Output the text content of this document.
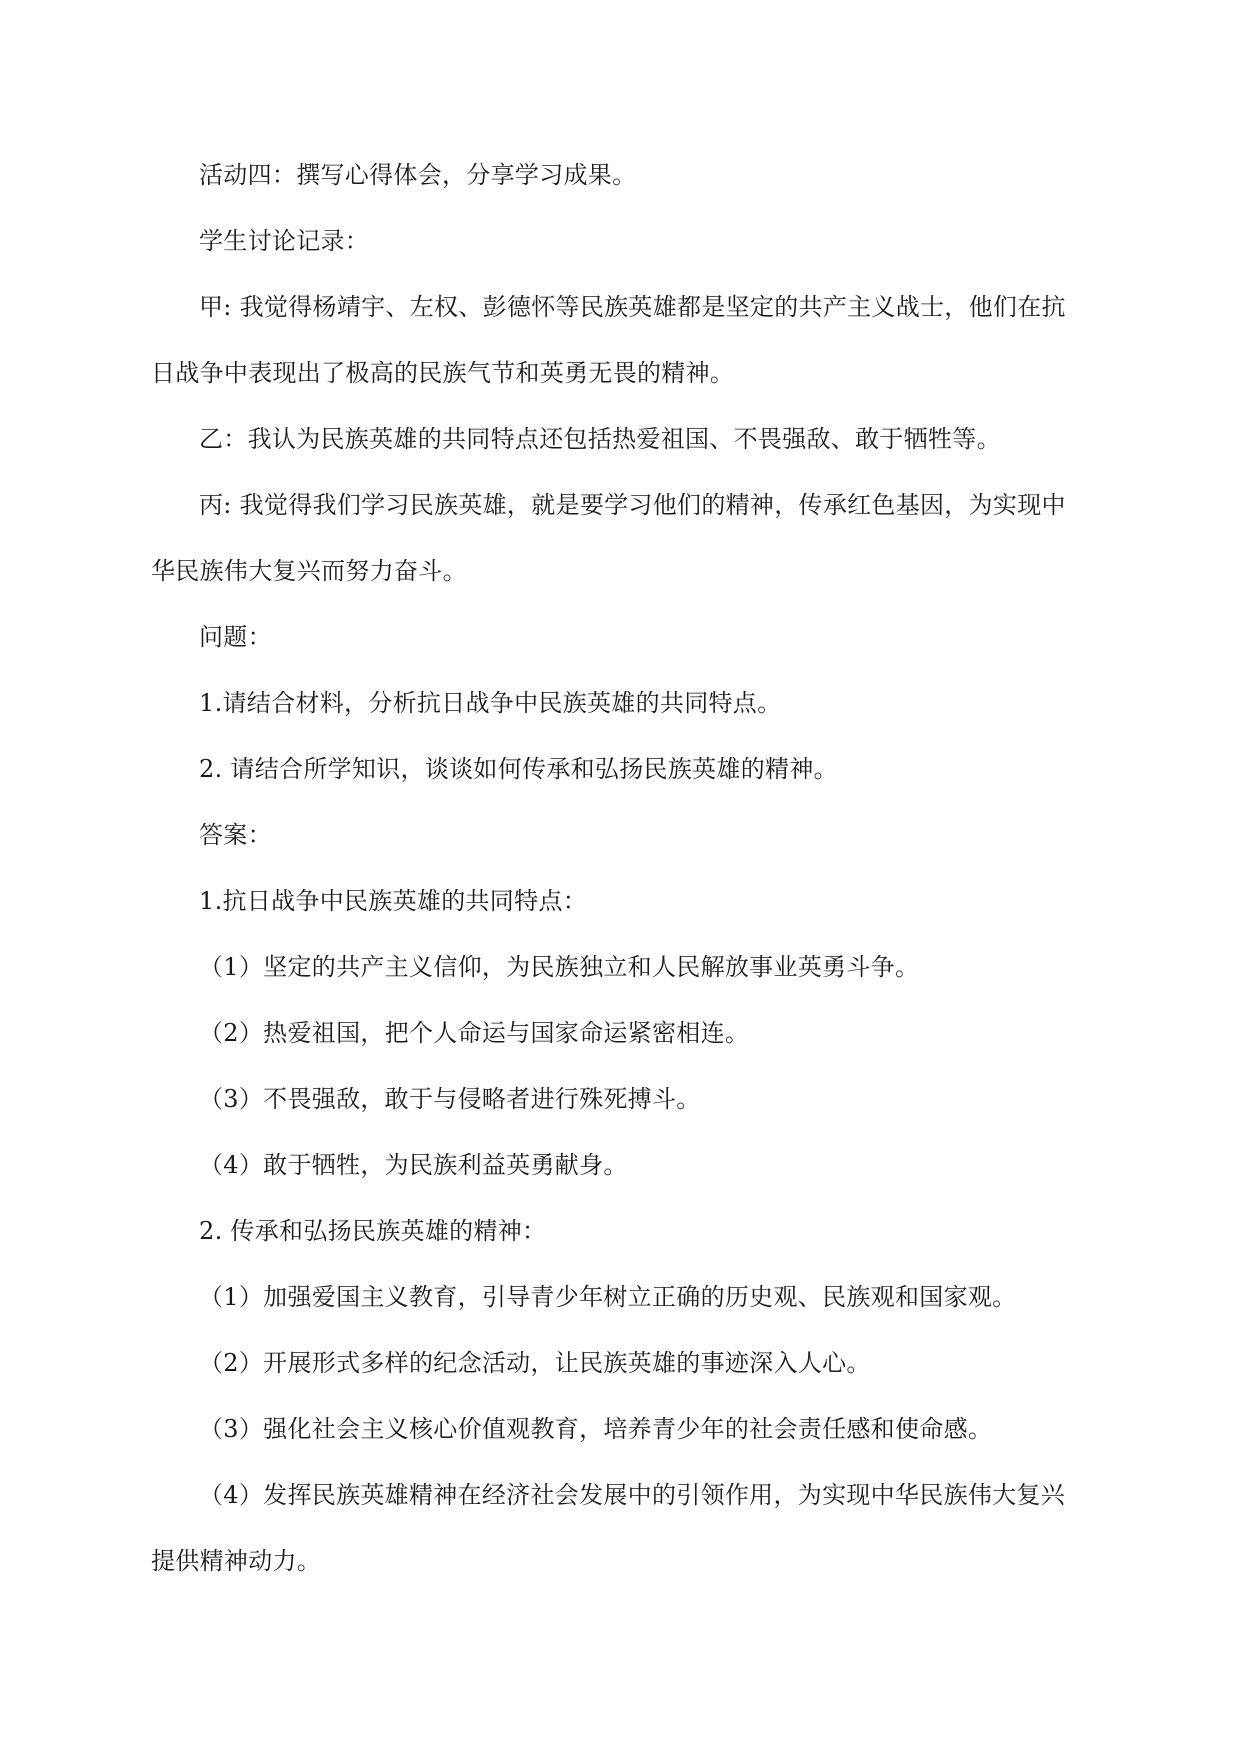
活动四：撰写心得体会，分享学习成果。

学生讨论记录：

甲: 我觉得杨靖宇、左权、彭德怀等民族英雄都是坚定的共产主义战士，他们在抗日战争中表现出了极高的民族气节和英勇无畏的精神。

乙：我认为民族英雄的共同特点还包括热爱祖国、不畏强敌、敢于牺牲等。

丙: 我觉得我们学习民族英雄，就是要学习他们的精神，传承红色基因，为实现中华民族伟大复兴而努力奋斗。

问题：

1.请结合材料，分析抗日战争中民族英雄的共同特点。

2. 请结合所学知识，谈谈如何传承和弘扬民族英雄的精神。

答案：

1.抗日战争中民族英雄的共同特点：

（1）坚定的共产主义信仰，为民族独立和人民解放事业英勇斗争。

（2）热爱祖国，把个人命运与国家命运紧密相连。

（3）不畏强敌，敢于与侵略者进行殊死搏斗。

（4）敢于牺牲，为民族利益英勇献身。

2. 传承和弘扬民族英雄的精神：

（1）加强爱国主义教育，引导青少年树立正确的历史观、民族观和国家观。

（2）开展形式多样的纪念活动，让民族英雄的事迹深入人心。

（3）强化社会主义核心价值观教育，培养青少年的社会责任感和使命感。

（4）发挥民族英雄精神在经济社会发展中的引领作用，为实现中华民族伟大复兴提供精神动力。
